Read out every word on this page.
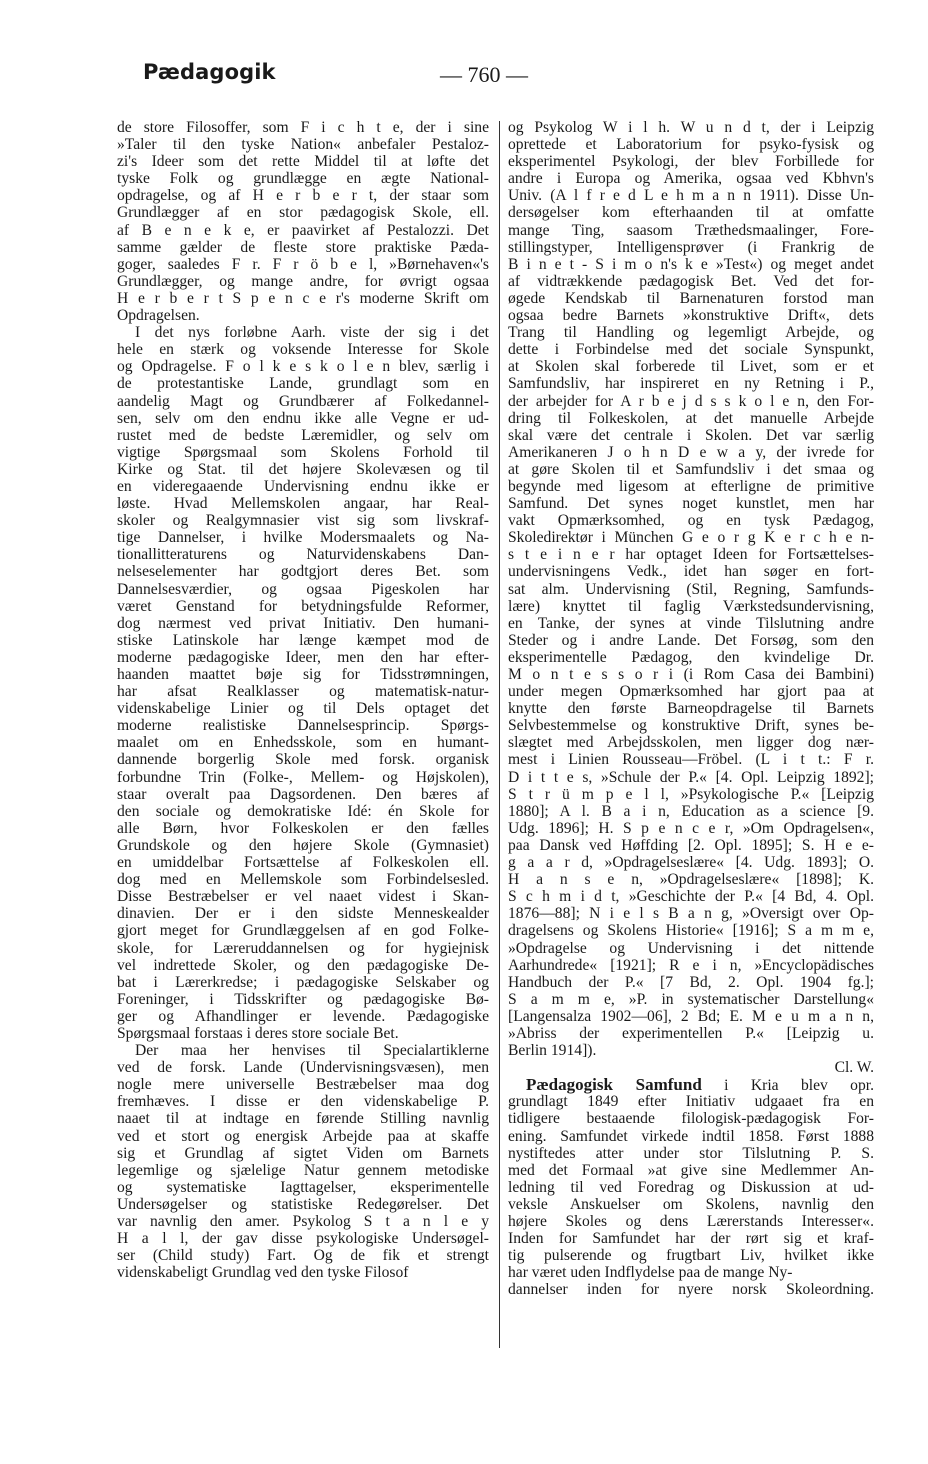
Pædagogik	— 760 —
de store Filosoffer, som F i c h t e, der i sine
»Taler til den tyske Nation« anbefaler Pestaloz-
zi's Ideer som det rette Middel til at løfte det
tyske Folk og grundlægge en ægte National-
opdragelse, og af H e r b e r t, der staar som
Grundlægger af en stor pædagogisk Skole, ell.
af B e n e k e, er paavirket af Pestalozzi. Det
samme gælder de fleste store praktiske Pæda-
goger, saaledes F r. F r ö b e l, »Børnehaven«'s
Grundlægger, og mange andre, for øvrigt ogsaa
H e r b e r t S p e n c e r's moderne Skrift om
Opdragelsen.
I det nys forløbne Aarh. viste der sig i det
hele en stærk og voksende Interesse for Skole
og Opdragelse. F o l k e s k o l e n blev, særlig i
de protestantiske Lande, grundlagt som en
aandelig Magt og Grundbærer af Folkedannel-
sen, selv om den endnu ikke alle Vegne er ud-
rustet med de bedste Læremidler, og selv om
vigtige Spørgsmaal som Skolens Forhold til
Kirke og Stat. til det højere Skolevæsen og til
en videregaaende Undervisning endnu ikke er
løste. Hvad Mellemskolen angaar, har Real-
skoler og Realgymnasier vist sig som livskraf-
tige Dannelser, i hvilke Modersmaalets og Na-
tionallitteraturens og Naturvidenskabens Dan-
nelseselementer har godtgjort deres Bet. som
Dannelsesværdier, og ogsaa Pigeskolen har
været Genstand for betydningsfulde Reformer,
dog nærmest ved privat Initiativ. Den humani-
stiske Latinskole har længe kæmpet mod de
moderne pædagogiske Ideer, men den har efter-
haanden maattet bøje sig for Tidsstrømningen,
har afsat Realklasser og matematisk-natur-
videnskabelige Linier og til Dels optaget det
moderne realistiske Dannelsesprincip. Spørgs-
maalet om en Enhedsskole, som en humant-
dannende borgerlig Skole med forsk. organisk
forbundne Trin (Folke-, Mellem- og Højskolen),
staar overalt paa Dagsordenen. Den bæres af
den sociale og demokratiske Idé: én Skole for
alle Børn, hvor Folkeskolen er den fælles
Grundskole og den højere Skole (Gymnasiet)
en umiddelbar Fortsættelse af Folkeskolen ell.
dog med en Mellemskole som Forbindelsesled.
Disse Bestræbelser er vel naaet videst i Skan-
dinavien. Der er i den sidste Menneskealder
gjort meget for Grundlæggelsen af en god Folke-
skole, for Læreruddannelsen og for hygiejnisk
vel indrettede Skoler, og den pædagogiske De-
bat i Lærerkredse; i pædagogiske Selskaber og
Foreninger, i Tidsskrifter og pædagogiske Bø-
ger og Afhandlinger er levende. Pædagogiske
Spørgsmaal forstaas i deres store sociale Bet.
Der maa her henvises til Specialartiklerne
ved de forsk. Lande (Undervisningsvæsen), men
nogle mere universelle Bestræbelser maa dog
fremhæves. I disse er den videnskabelige P.
naaet til at indtage en førende Stilling navnlig
ved et stort og energisk Arbejde paa at skaffe
sig et Grundlag af sigtet Viden om Barnets
legemlige og sjælelige Natur gennem metodiske
og systematiske Iagttagelser, eksperimentelle
Undersøgelser og statistiske Redegørelser. Det
var navnlig den amer. Psykolog S t a n l e y
H a l l, der gav disse psykologiske Undersøgel-
ser (Child study) Fart. Og de fik et strengt
videnskabeligt Grundlag ved den tyske Filosof
og Psykolog W i l h. W u n d t, der i Leipzig
oprettede et Laboratorium for psyko-fysisk og
eksperimentel Psykologi, der blev Forbillede for
andre i Europa og Amerika, ogsaa ved Kbhvn's
Univ. (A l f r e d L e h m a n n 1911). Disse Un-
dersøgelser kom efterhaanden til at omfatte
mange Ting, saasom Træthedsmaalinger, Fore-
stillingstyper, Intelligensprøver (i Frankrig de
B i n e t - S i m o n's k e »Test«) og meget andet
af vidtrækkende pædagogisk Bet. Ved det for-
øgede Kendskab til Barnenaturen forstod man
ogsaa bedre Barnets »konstruktive Drift«, dets
Trang til Handling og legemligt Arbejde, og
dette i Forbindelse med det sociale Synspunkt,
at Skolen skal forberede til Livet, som er et
Samfundsliv, har inspireret en ny Retning i P.,
der arbejder for A r b e j d s s k o l e n, den For-
dring til Folkeskolen, at det manuelle Arbejde
skal være det centrale i Skolen. Det var særlig
Amerikaneren J o h n D e w a y, der ivrede for
at gøre Skolen til et Samfundsliv i det smaa og
begynde med ligesom at efterligne de primitive
Samfund. Det synes noget kunstlet, men har
vakt Opmærksomhed, og en tysk Pædagog,
Skoledirektør i München G e o r g K e r c h e n-
s t e i n e r har optaget Ideen for Fortsættelses-
undervisningens Vedk., idet han søger en fort-
sat alm. Undervisning (Stil, Regning, Samfunds-
lære) knyttet til faglig Værkstedsundervisning,
en Tanke, der synes at vinde Tilslutning andre
Steder og i andre Lande. Det Forsøg, som den
eksperimentelle Pædagog, den kvindelige Dr.
M o n t e s s o r i (i Rom Casa dei Bambini)
under megen Opmærksomhed har gjort paa at
knytte den første Barneopdragelse til Barnets
Selvbestemmelse og konstruktive Drift, synes be-
slægtet med Arbejdsskolen, men ligger dog nær-
mest i Linien Rousseau—Fröbel. (L i t t.: F r.
D i t t e s, »Schule der P.« [4. Opl. Leipzig 1892];
S t r ü m p e l l, »Psykologische P.« [Leipzig
1880]; A l. B a i n, Education as a science [9.
Udg. 1896]; H. S p e n c e r, »Om Opdragelsen«,
paa Dansk ved Høffding [2. Opl. 1895]; S. H e e-
g a a r d, »Opdragelseslære« [4. Udg. 1893]; O.
H a n s e n, »Opdragelseslære« [1898]; K.
S c h m i d t, »Geschichte der P.« [4 Bd, 4. Opl.
1876—88]; N i e l s B a n g, »Oversigt over Op-
dragelsens og Skolens Historie« [1916]; S a m m e,
»Opdragelse og Undervisning i det nittende
Aarhundrede« [1921]; R e i n, »Encyclopädisches
Handbuch der P.« [7 Bd, 2. Opl. 1904 fg.];
S a m m e, »P. in systematischer Darstellung«
[Langensalza 1902—06], 2 Bd; E. M e u m a n n,
»Abriss der experimentellen P.« [Leipzig u.
Berlin 1914]).
Cl. W.
Pædagogisk Samfund i Kria blev opr.
grundlagt 1849 efter Initiativ udgaaet fra en
tidligere bestaaende filologisk-pædagogisk For-
ening. Samfundet virkede indtil 1858. Først 1888
nystiftedes atter under stor Tilslutning P. S.
med det Formaal »at give sine Medlemmer An-
ledning til ved Foredrag og Diskussion at ud-
veksle Anskuelser om Skolens, navnlig den
højere Skoles og dens Lærerstands Interesser«.
Inden for Samfundet har der rørt sig et kraf-
tig pulserende og frugtbart Liv, hvilket ikke
har været uden Indflydelse paa de mange Ny-
dannelser inden for nyere norsk Skoleordning.
